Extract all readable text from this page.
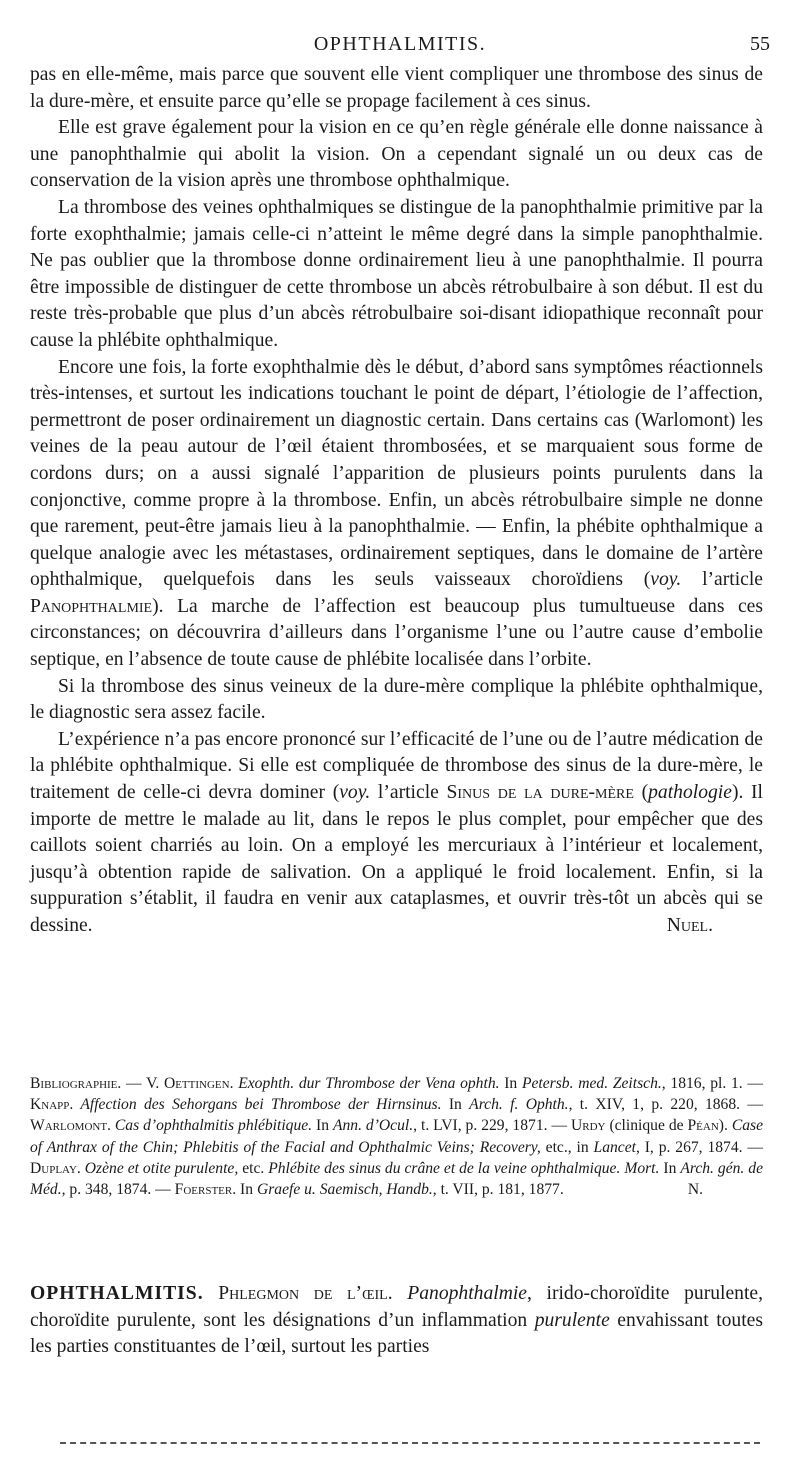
OPHTHALMITIS.	55

pas en elle-même, mais parce que souvent elle vient compliquer une thrombose des sinus de la dure-mère, et ensuite parce qu’elle se propage facilement à ces sinus.

Elle est grave également pour la vision en ce qu’en règle générale elle donne naissance à une panophthalmie qui abolit la vision. On a cependant signalé un ou deux cas de conservation de la vision après une thrombose ophthalmique.

La thrombose des veines ophthalmiques se distingue de la panophthalmie primitive par la forte exophthalmie; jamais celle-ci n’atteint le même degré dans la simple panophthalmie. Ne pas oublier que la thrombose donne ordinairement lieu à une panophthalmie. Il pourra être impossible de distinguer de cette thrombose un abcès rétrobulbaire à son début. Il est du reste très-probable que plus d’un abcès rétrobulbaire soi-disant idiopathique reconnaît pour cause la phlébite ophthalmique.

Encore une fois, la forte exophthalmie dès le début, d’abord sans symptômes réactionnels très-intenses, et surtout les indications touchant le point de départ, l’étiologie de l’affection, permettront de poser ordinairement un diagnostic certain. Dans certains cas (Warlomont) les veines de la peau autour de l’œil étaient thrombosées, et se marquaient sous forme de cordons durs; on a aussi signalé l’apparition de plusieurs points purulents dans la conjonctive, comme propre à la thrombose. Enfin, un abcès rétrobulbaire simple ne donne que rarement, peut-être jamais lieu à la panophthalmie. — Enfin, la phébite ophthalmique a quelque analogie avec les métastases, ordinairement septiques, dans le domaine de l’artère ophthalmique, quelquefois dans les seuls vaisseaux choroïdiens (voy. l’article Panophthalmie). La marche de l’affection est beaucoup plus tumultueuse dans ces circonstances; on découvrira d’ailleurs dans l’organisme l’une ou l’autre cause d’embolie septique, en l’absence de toute cause de phlébite localisée dans l’orbite.

Si la thrombose des sinus veineux de la dure-mère complique la phlébite ophthalmique, le diagnostic sera assez facile.

L’expérience n’a pas encore prononcé sur l’efficacité de l’une ou de l’autre médication de la phlébite ophthalmique. Si elle est compliquée de thrombose des sinus de la dure-mère, le traitement de celle-ci devra dominer (voy. l’article Sinus de la dure-mère (pathologie). Il importe de mettre le malade au lit, dans le repos le plus complet, pour empêcher que des caillots soient charriés au loin. On a employé les mercuriaux à l’intérieur et localement, jusqu’à obtention rapide de salivation. On a appliqué le froid localement. Enfin, si la suppuration s’établit, il faudra en venir aux cataplasmes, et ouvrir très-tôt un abcès qui se dessine.	Nuel.

Bibliographie. — V. Oettingen. Exophth. dur Thrombose der Vena ophth. In Petersb. med. Zeitsch., 1816, pl. 1. — Knapp. Affection des Sehorgans bei Thrombose der Hirnsinus. In Arch. f. Ophth., t. XIV, 1, p. 220, 1868. — Warlomont. Cas d’ophthalmitis phlébitique. In Ann. d’Ocul., t. LVI, p. 229, 1871. — Urdy (clinique de Péan). Case of Anthrax of the Chin; Phlebitis of the Facial and Ophthalmic Veins; Recovery, etc., in Lancet, I, p. 267, 1874. — Duplay. Ozène et otite purulente, etc. Phlébite des sinus du crâne et de la veine ophthalmique. Mort. In Arch. gén. de Méd., p. 348, 1874. — Foerster. In Graefe u. Saemisch, Handb., t. VII, p. 181, 1877.	N.
OPHTHALMITIS. Phlegmon de l’œil. Panophthalmie, irido-choroïdite purulente, choroïdite purulente, sont les désignations d’un inflammation purulente envahissant toutes les parties constituantes de l’œil, surtout les parties
